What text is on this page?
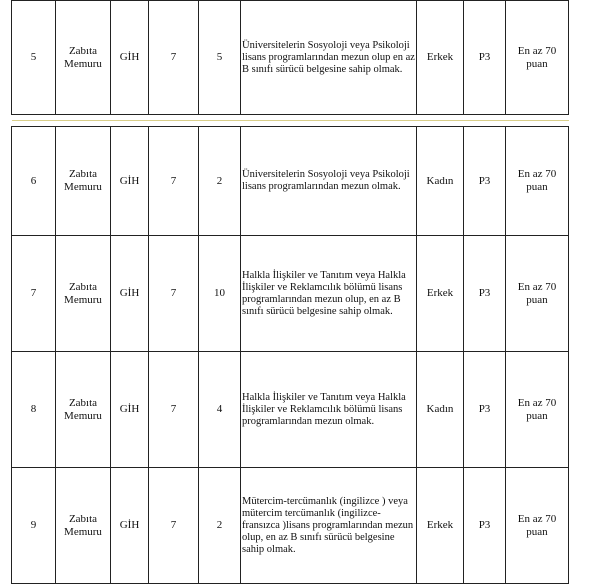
5	Zabıta Memuru	GİH	7	5	Üniversitelerin Sosyoloji veya Psikoloji lisans programlarından mezun olup en az B sınıfı sürücü belgesine sahip olmak.	Erkek	P3	En az 70 puan

6	Zabıta Memuru	GİH	7	2	Üniversitelerin Sosyoloji veya Psikoloji lisans programlarından mezun olmak.	Kadın	P3	En az 70 puan
7	Zabıta Memuru	GİH	7	10	Halkla İlişkiler ve Tanıtım veya Halkla İlişkiler ve Reklamcılık bölümü lisans programlarından mezun olup, en az B sınıfı sürücü belgesine sahip olmak.	Erkek	P3	En az 70 puan
8	Zabıta Memuru	GİH	7	4	Halkla İlişkiler ve Tanıtım veya Halkla İlişkiler ve Reklamcılık bölümü lisans programlarından mezun olmak.	Kadın	P3	En az 70 puan
9	Zabıta Memuru	GİH	7	2	Mütercim-tercümanlık (ingilizce ) veya mütercim tercümanlık (ingilizce-fransızca )lisans programlarından mezun olup, en az B sınıfı sürücü belgesine sahip olmak.	Erkek	P3	En az 70 puan
